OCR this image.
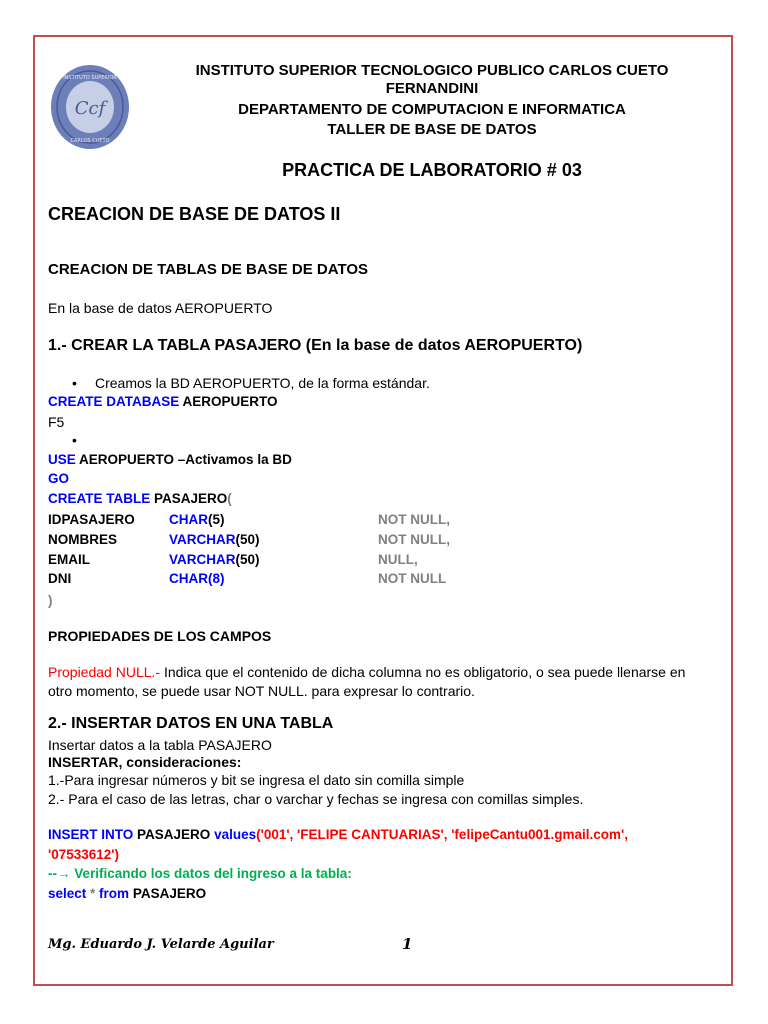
Ccf
INSTITUTO SUPERIOR
CARLOS CUETO
INSTITUTO SUPERIOR TECNOLOGICO PUBLICO CARLOS CUETO
FERNANDINI
DEPARTAMENTO DE COMPUTACION E INFORMATICA
TALLER DE BASE DE DATOS
PRACTICA DE LABORATORIO # 03
CREACION DE BASE DE DATOS II
CREACION DE TABLAS DE BASE DE DATOS
En la base de datos AEROPUERTO
1.- CREAR LA TABLA PASAJERO (En la base de datos AEROPUERTO)
• Creamos la BD AEROPUERTO, de la forma estándar.
CREATE DATABASE AEROPUERTO
F5
•
USE AEROPUERTO –Activamos la BD
GO
CREATE TABLE PASAJERO(
IDPASAJERO	CHAR(5)	NOT NULL,
NOMBRES	VARCHAR(50)	NOT NULL,
EMAIL	VARCHAR(50)	NULL,
DNI	CHAR(8)	NOT NULL
)
PROPIEDADES DE LOS CAMPOS
Propiedad NULL.- Indica que el contenido de dicha columna no es obligatorio, o sea puede llenarse en
otro momento, se puede usar NOT NULL. para expresar lo contrario.
2.- INSERTAR DATOS EN UNA TABLA
Insertar datos a la tabla PASAJERO
INSERTAR, consideraciones:
1.-Para ingresar números y bit se ingresa el dato sin comilla simple
2.- Para el caso de las letras, char o varchar y fechas se ingresa con comillas simples.
INSERT INTO PASAJERO values('001', 'FELIPE CANTUARIAS', 'felipeCantu001.gmail.com',
'07533612')
--→ Verificando los datos del ingreso a la tabla:
select * from PASAJERO
Mg. Eduardo J. Velarde Aguilar	1
